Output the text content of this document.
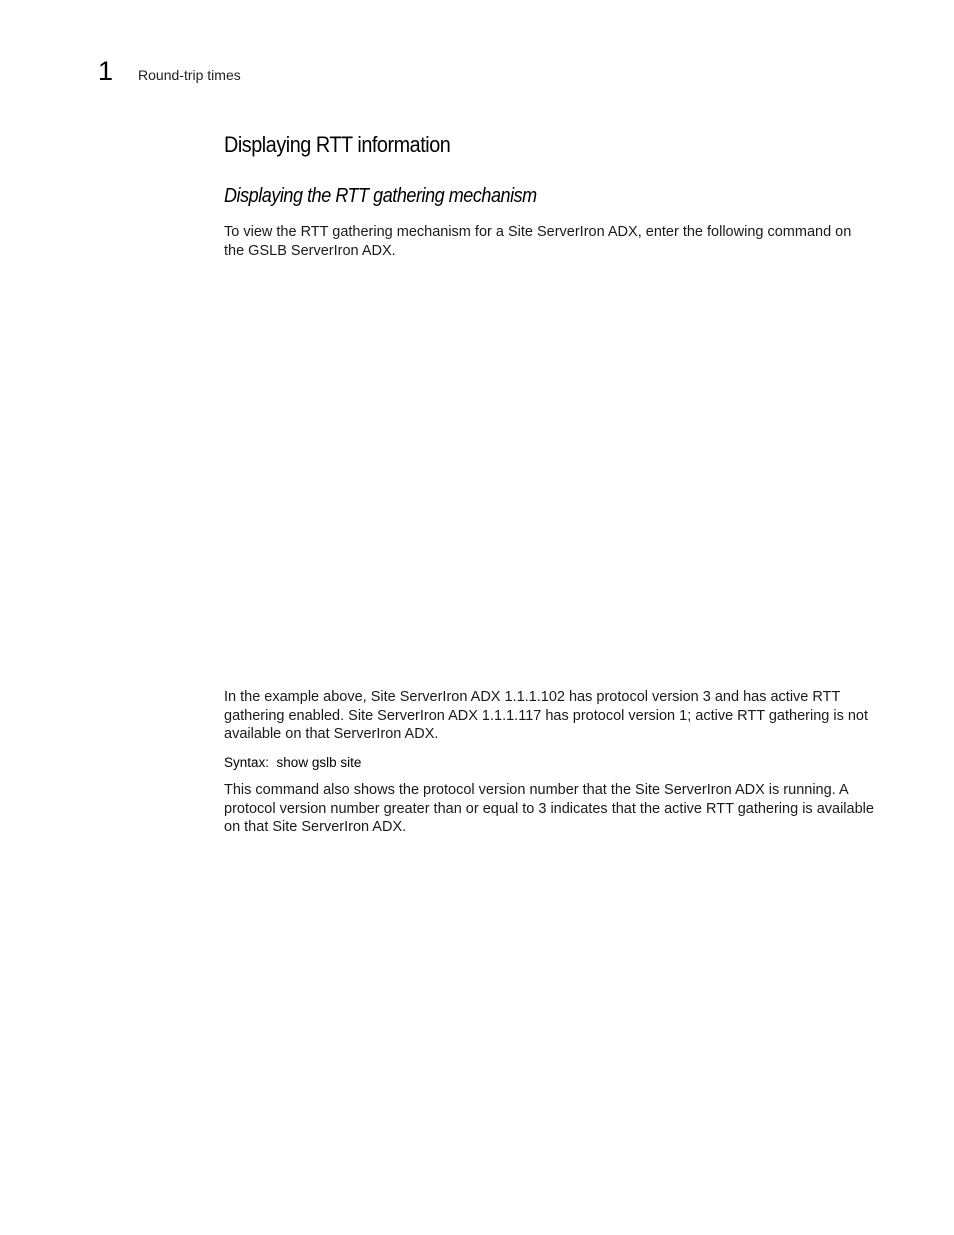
1 Round-trip times
Displaying RTT information
Displaying the RTT gathering mechanism

To view the RTT gathering mechanism for a Site ServerIron ADX, enter the following command on the GSLB ServerIron ADX.

In the example above, Site ServerIron ADX 1.1.1.102 has protocol version 3 and has active RTT gathering enabled. Site ServerIron ADX 1.1.1.117 has protocol version 1; active RTT gathering is not available on that ServerIron ADX.

Syntax: show gslb site

This command also shows the protocol version number that the Site ServerIron ADX is running. A protocol version number greater than or equal to 3 indicates that the active RTT gathering is available on that Site ServerIron ADX.
